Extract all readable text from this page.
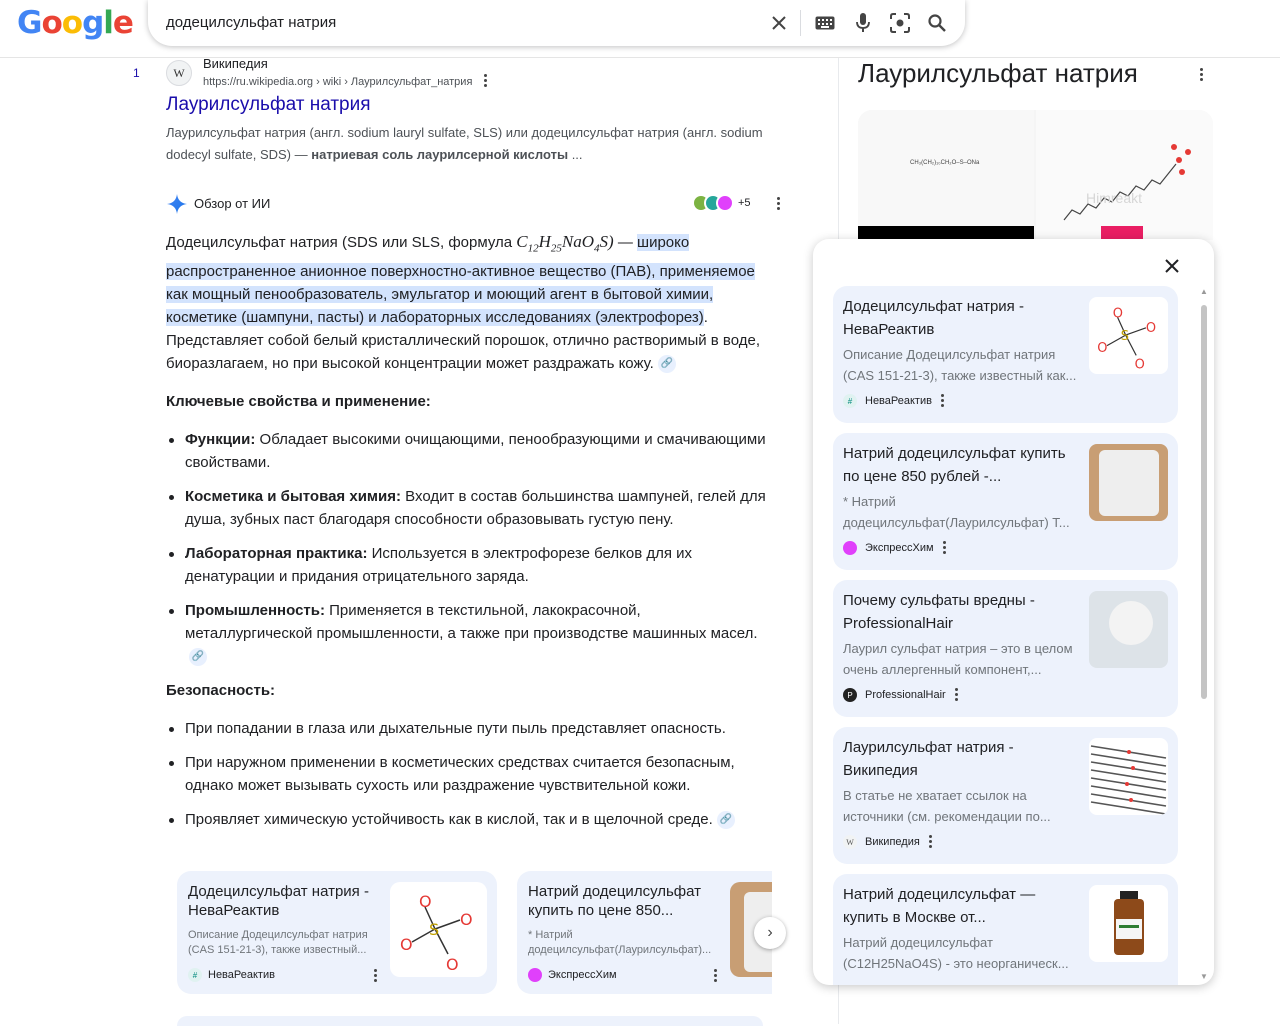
Google додецилсульфат натрия
1	W
Википедия
https://ru.wikipedia.org › wiki › Лаурилсульфат_натрия
Лаурилсульфат натрия
Лаурилсульфат натрия (англ. sodium lauryl sulfate, SLS) или додецилсульфат натрия (англ. sodium dodecyl sulfate, SDS) — натриевая соль лаурилсерной кислоты ...
Обзор от ИИ	+5
Додецилсульфат натрия (SDS или SLS, формула $C_{12}H_{25}NaO_4S$) — широко распространенное анионное поверхностно-активное вещество (ПАВ), применяемое как мощный пенообразователь, эмульгатор и моющий агент в бытовой химии, косметике (шампуни, пасты) и лабораторных исследованиях (электрофорез). Представляет собой белый кристаллический порошок, отлично растворимый в воде, биоразлагаем, но при высокой концентрации может раздражать кожу. 🔗
Ключевые свойства и применение:
Функции: Обладает высокими очищающими, пенообразующими и смачивающими свойствами.
Косметика и бытовая химия: Входит в состав большинства шампуней, гелей для душа, зубных паст благодаря способности образовывать густую пену.
Лабораторная практика: Используется в электрофорезе белков для их денатурации и придания отрицательного заряда.
Промышленность: Применяется в текстильной, лакокрасочной, металлургической промышленности, а также при производстве машинных масел.🔗
Безопасность:
При попадании в глаза или дыхательные пути пыль представляет опасность.
При наружном применении в косметических средствах считается безопасным, однако может вызывать сухость или раздражение чувствительной кожи.
Проявляет химическую устойчивость как в кислой, так и в щелочной среде. 🔗
Додецилсульфат натрия - НеваРеактив
Описание Додецилсульфат натрия (CAS 151-21-3), также известный...
# НеваРеактив
O
O
O
O
S
Натрий додецилсульфат купить по цене 850...
* Натрий додецилсульфат(Лаурилсульфат)...
ЭкспрессХим
›
Лаурилсульфат натрия
CH₃(CH₂)₁₀CH₂O–S–ONa
Himreakt
Додецилсульфат натрия - НеваРеактив
Описание Додецилсульфат натрия (CAS 151-21-3), также известный как...
#	НеваРеактив
O
O
O
O
S
Натрий додецилсульфат купить по цене 850 рублей -...
* Натрий додецилсульфат(Лаурилсульфат) Т...
ЭкспрессХим
Почему сульфаты вредны - ProfessionalHair
Лаурил сульфат натрия – это в целом очень аллергенный компонент,...
P	ProfessionalHair
Лаурилсульфат натрия - Википедия
В статье не хватает ссылок на источники (см. рекомендации по...
W Википедия
Натрий додецилсульфат — купить в Москве от...
Натрий додецилсульфат (C12H25NaO4S) - это неорганическ...
▲
▼
